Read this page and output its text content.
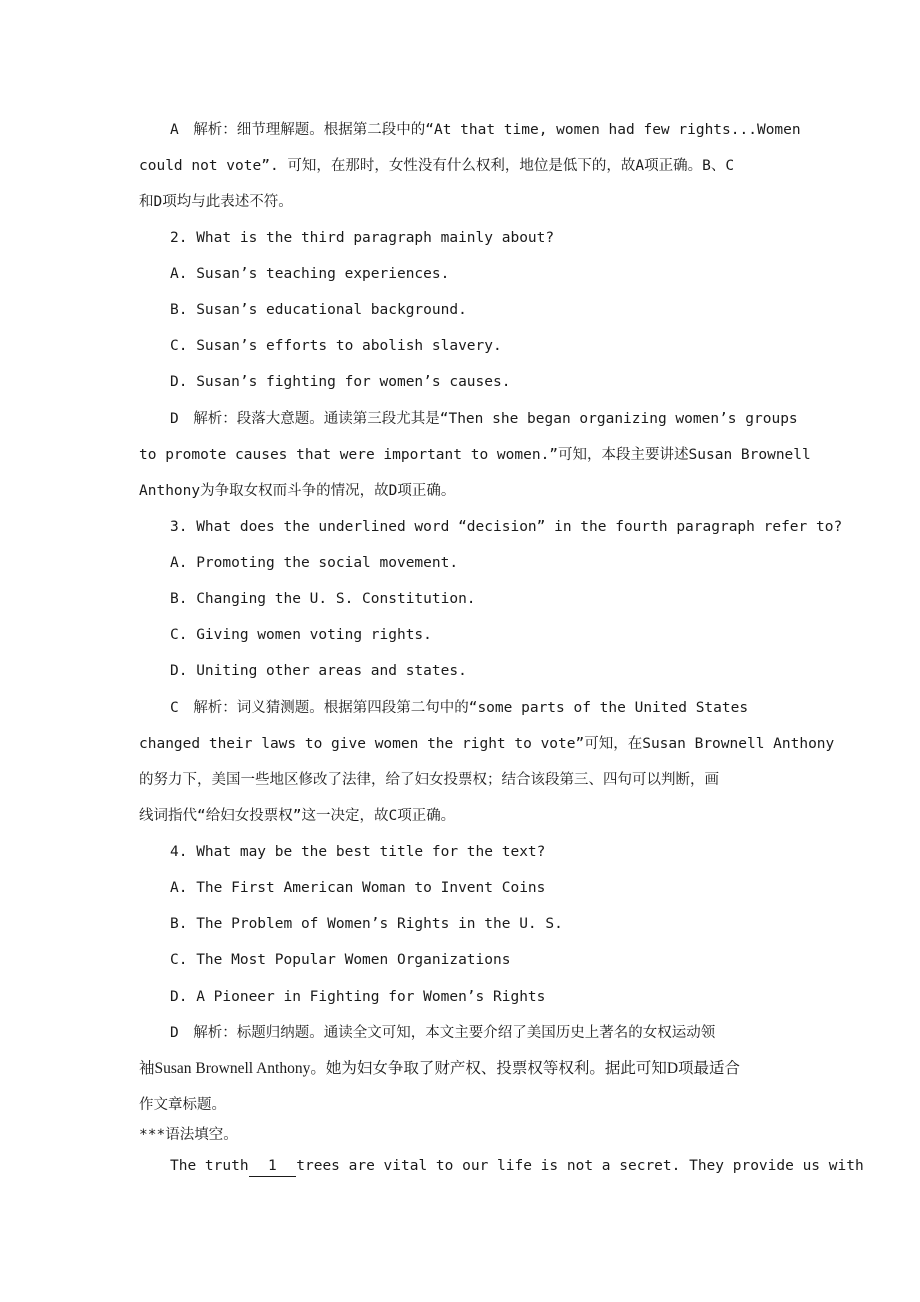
A　解析：细节理解题。根据第二段中的“At that time, women had few rights...Women
could not vote”. 可知，在那时，女性没有什么权利，地位是低下的，故A项正确。B、C
和D项均与此表述不符。
2. What is the third paragraph mainly about?
A. Susan’s teaching experiences.
B. Susan’s educational background.
C. Susan’s efforts to abolish slavery.
D. Susan’s fighting for women’s causes.
D　解析：段落大意题。通读第三段尤其是“Then she began organizing women’s groups
to promote causes that were important to women.”可知，本段主要讲述Susan Brownell
Anthony为争取女权而斗争的情况，故D项正确。
3. What does the underlined word “decision” in the fourth paragraph refer to?
A. Promoting the social movement.
B. Changing the U. S. Constitution.
C. Giving women voting rights.
D. Uniting other areas and states.
C　解析：词义猜测题。根据第四段第二句中的“some parts of the United States
changed their laws to give women the right to vote”可知，在Susan Brownell Anthony
的努力下，美国一些地区修改了法律，给了妇女投票权；结合该段第三、四句可以判断，画
线词指代“给妇女投票权”这一决定，故C项正确。
4. What may be the best title for the text?
A. The First American Woman to Invent Coins
B. The Problem of Women’s Rights in the U. S.
C. The Most Popular Women Organizations
D. A Pioneer in Fighting for Women’s Rights
D　解析：标题归纳题。通读全文可知，本文主要介绍了美国历史上著名的女权运动领
袖Susan Brownell Anthony。她为妇女争取了财产权、投票权等权利。据此可知D项最适合
作文章标题。
***语法填空。
The truth 1 trees are vital to our life is not a secret. They provide us with
